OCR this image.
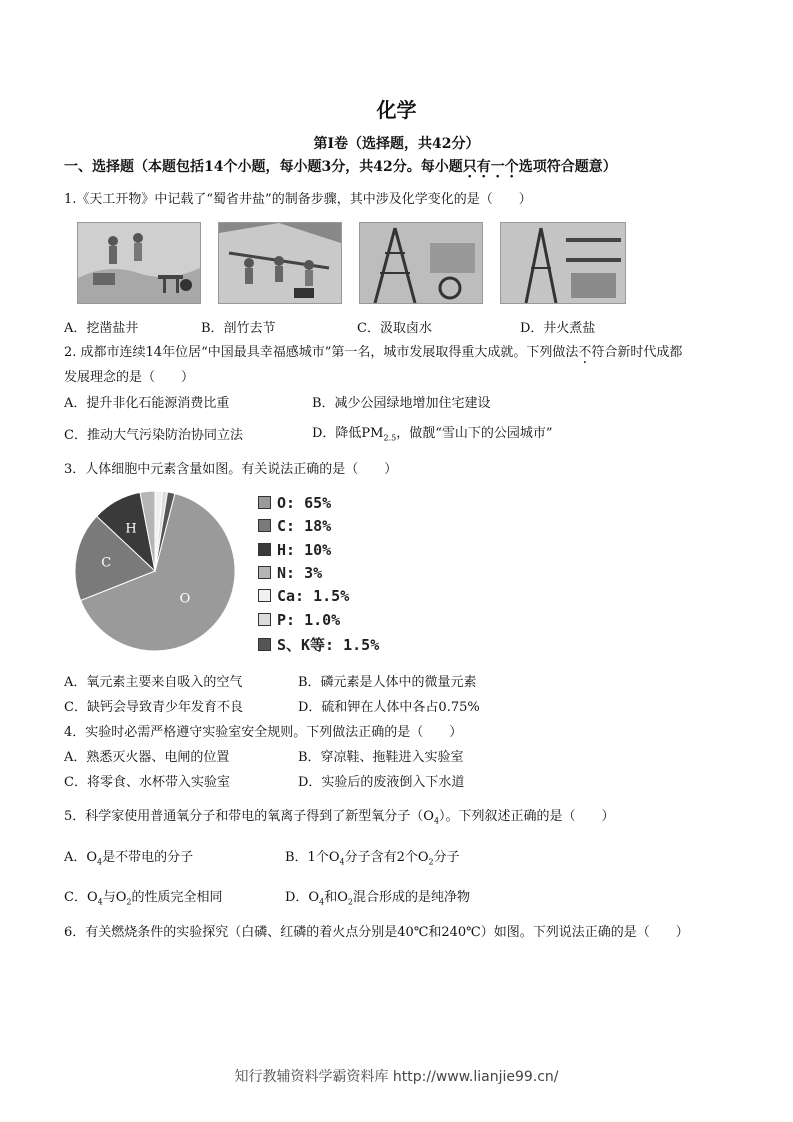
化学
第I卷（选择题，共42分）
一、选择题（本题包括14个小题，每小题3分，共42分。每小题只有一个选项符合题意）
1.《天工开物》中记载了“蜀省井盐”的制备步骤，其中涉及化学变化的是（　　）
A．挖凿盐井	B．剖竹去节	C．汲取卤水	D．井火煮盐
2. 成都市连续14年位居“中国最具幸福感城市”第一名，城市发展取得重大成就。下列做法不符合新时代成都
发展理念的是（　　）
A．提升非化石能源消费比重	B．减少公园绿地增加住宅建设
C．推动大气污染防治协同立法	D．降低$PM_{2.5}$，做靓“雪山下的公园城市”
3．人体细胞中元素含量如图。有关说法正确的是（　　）
O
C
H
O: 65%
C: 18%
H: 10%
N: 3%
Ca: 1.5%
P: 1.0%
S、K等: 1.5%
A．氧元素主要来自吸入的空气	B．磷元素是人体中的微量元素
C．缺钙会导致青少年发育不良	D．硫和钾在人体中各占0.75%
4．实验时必需严格遵守实验室安全规则。下列做法正确的是（　　）
A．熟悉灭火器、电闸的位置	B．穿凉鞋、拖鞋进入实验室
C．将零食、水杯带入实验室	D．实验后的废液倒入下水道
5．科学家使用普通氧分子和带电的氧离子得到了新型氧分子$(O_4)$。下列叙述正确的是（　　）
A．$O_4$是不带电的分子	B．1个$O_4$分子含有2个$O_2$分子
C．$O_4$与$O_2$的性质完全相同	D．$O_4$和$O_2$混合形成的是纯净物
6．有关燃烧条件的实验探究（白磷、红磷的着火点分别是40℃和240℃）如图。下列说法正确的是（　　）
知行教辅资料学霸资料库 http://www.lianjie99.cn/
